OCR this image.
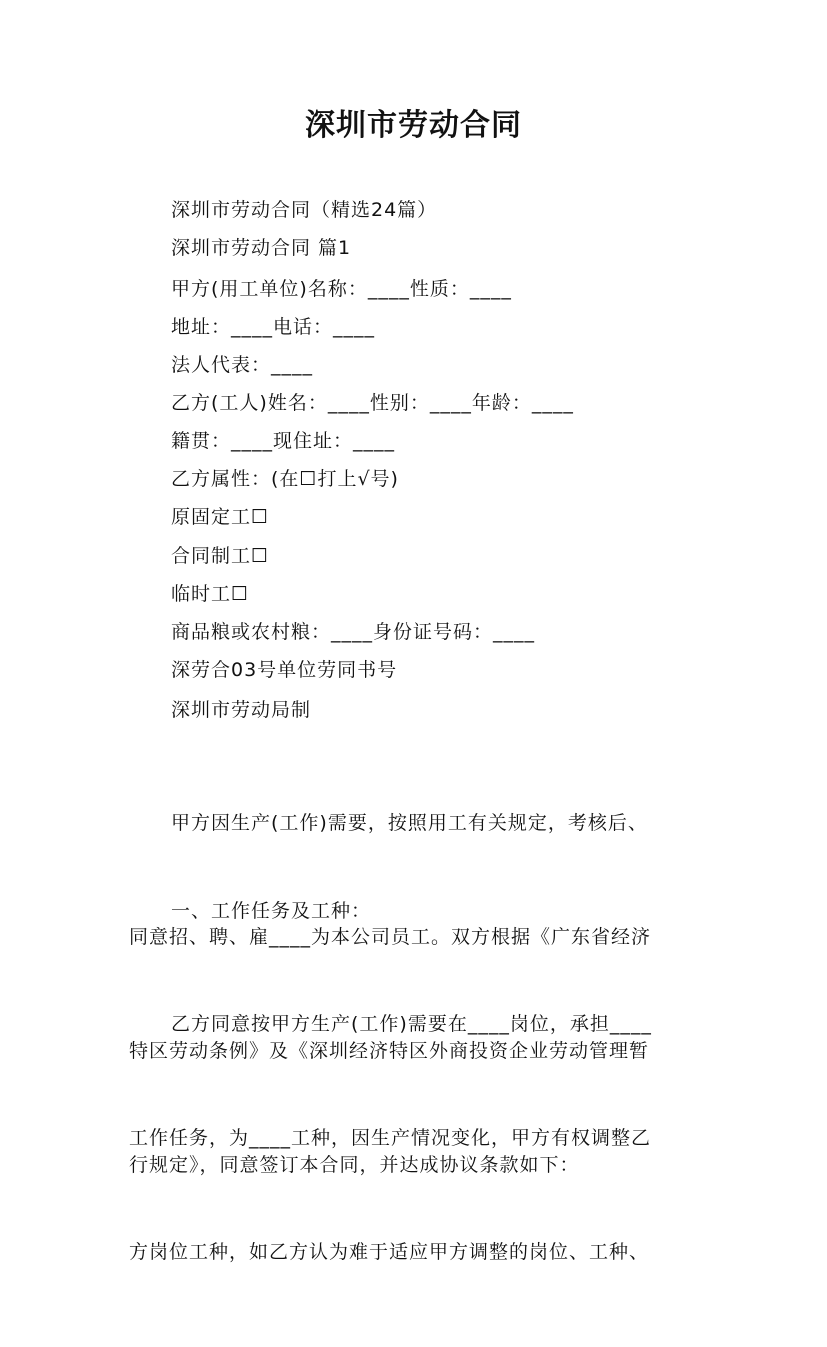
深圳市劳动合同
深圳市劳动合同（精选24篇）
深圳市劳动合同 篇1
甲方(用工单位)名称：____性质：____
地址：____电话：____
法人代表：____
乙方(工人)姓名：____性别：____年龄：____
籍贯：____现住址：____
乙方属性：(在☐打上√号)
原固定工☐
合同制工☐
临时工☐
商品粮或农村粮：____身份证号码：____
深劳合03号单位劳同书号
深圳市劳动局制

甲方因生产(工作)需要，按照用工有关规定，考核后、

同意招、聘、雇____为本公司员工。双方根据《广东省经济

特区劳动条例》及《深圳经济特区外商投资企业劳动管理暂

行规定》，同意签订本合同，并达成协议条款如下：

一、工作任务及工种：

乙方同意按甲方生产(工作)需要在____岗位，承担____

工作任务，为____工种，因生产情况变化，甲方有权调整乙

方岗位工种，如乙方认为难于适应甲方调整的岗位、工种、
